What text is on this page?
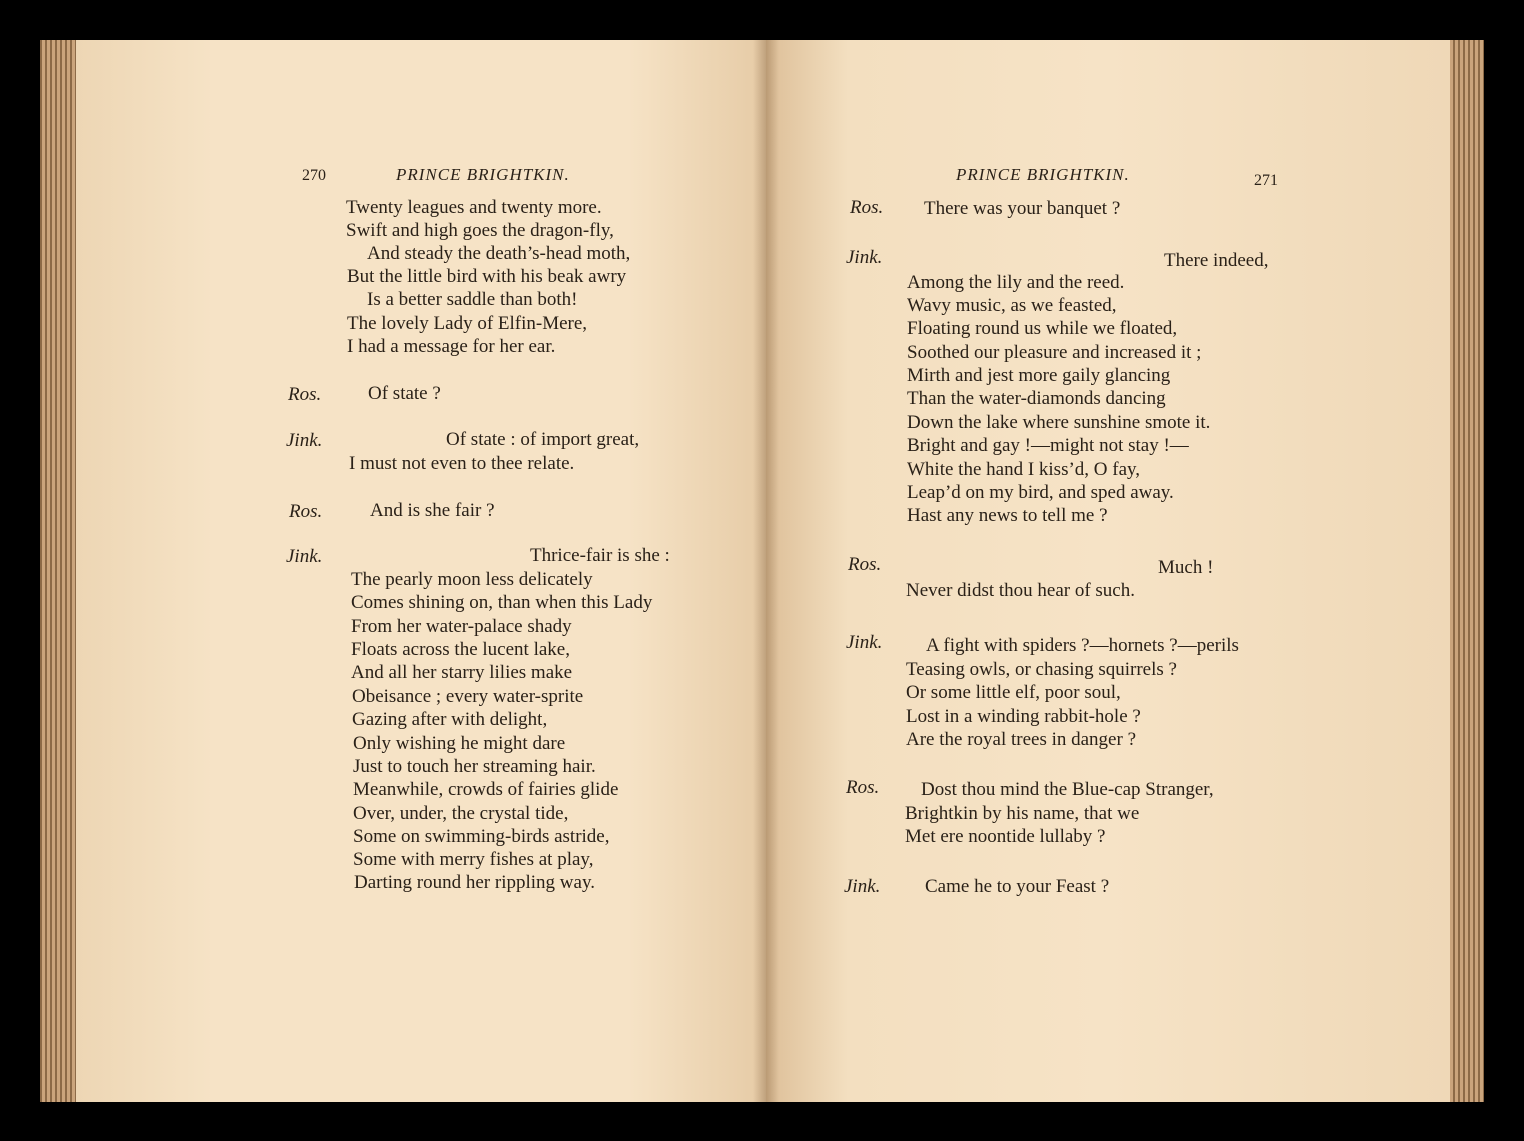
270	PRINCE BRIGHTKIN.
Twenty leagues and twenty more.
Swift and high goes the dragon-fly,
And steady the death’s-head moth,
But the little bird with his beak awry
Is a better saddle than both!
The lovely Lady of Elfin-Mere,
I had a message for her ear.
Ros. Of state ?
Jink.	Of state : of import great,
I must not even to thee relate.
Ros.	And is she fair ?
Jink.	Thrice-fair is she :
The pearly moon less delicately
Comes shining on, than when this Lady
From her water-palace shady
Floats across the lucent lake,
And all her starry lilies make
Obeisance ; every water-sprite
Gazing after with delight,
Only wishing he might dare
Just to touch her streaming hair.
Meanwhile, crowds of fairies glide
Over, under, the crystal tide,
Some on swimming-birds astride,
Some with merry fishes at play,
Darting round her rippling way.
PRINCE BRIGHTKIN.	271
Ros. There was your banquet ?
Jink.	There indeed,
Among the lily and the reed.
Wavy music, as we feasted,
Floating round us while we floated,
Soothed our pleasure and increased it ;
Mirth and jest more gaily glancing
Than the water-diamonds dancing
Down the lake where sunshine smote it.
Bright and gay !—might not stay !—
White the hand I kiss’d, O fay,
Leap’d on my bird, and sped away.
Hast any news to tell me ?
Ros.	Much !
Never didst thou hear of such.
Jink. A fight with spiders ?—hornets ?—perils
Teasing owls, or chasing squirrels ?
Or some little elf, poor soul,
Lost in a winding rabbit-hole ?
Are the royal trees in danger ?
Ros. Dost thou mind the Blue-cap Stranger,
Brightkin by his name, that we
Met ere noontide lullaby ?
Jink. Came he to your Feast ?
